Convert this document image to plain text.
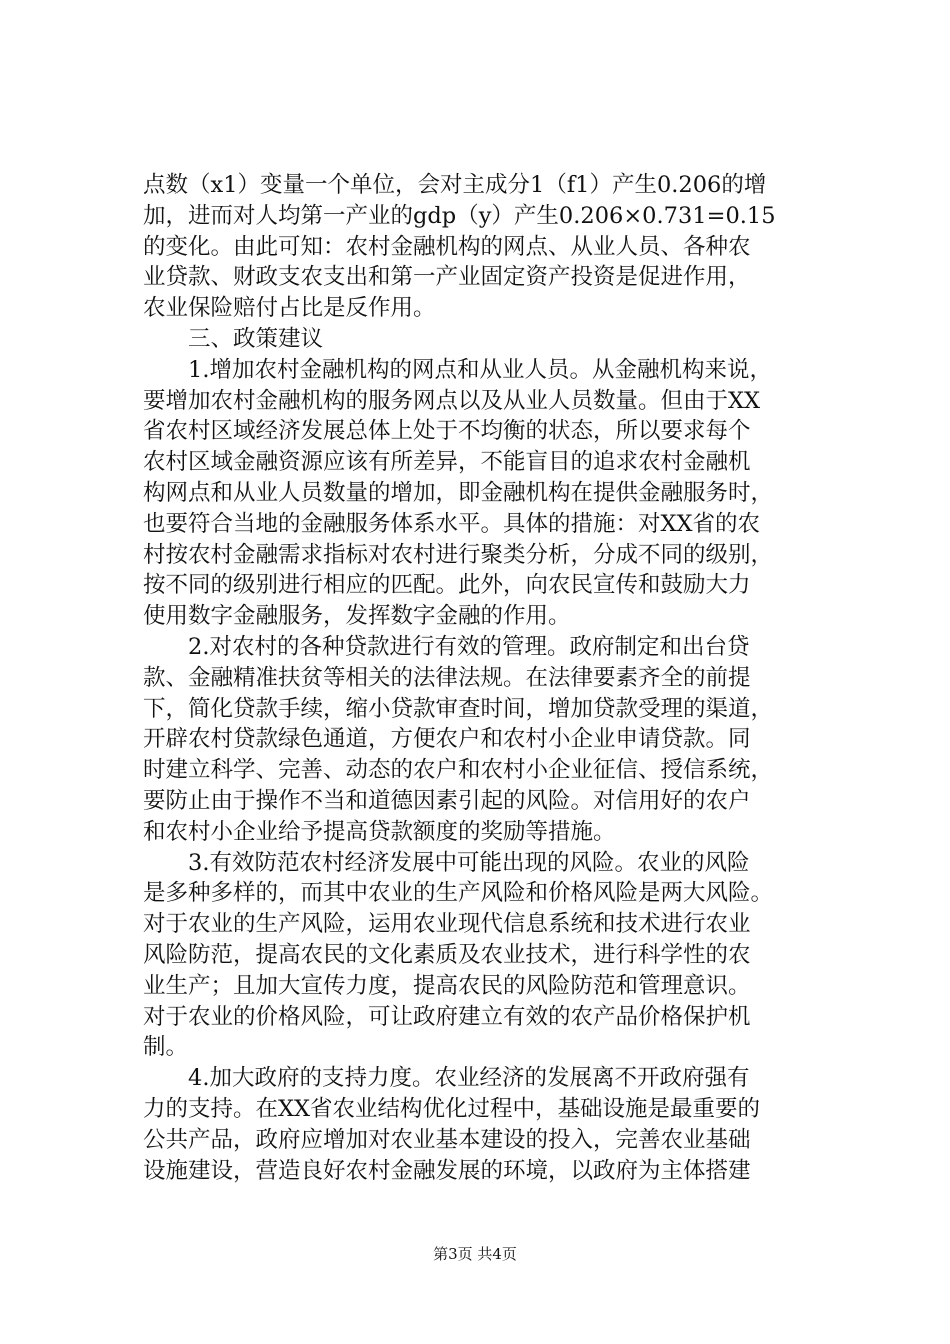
点数（x1）变量一个单位，会对主成分1（f1）产生0.206的增
加，进而对人均第一产业的gdp（y）产生0.206×0.731=0.15
的变化。由此可知：农村金融机构的网点、从业人员、各种农
业贷款、财政支农支出和第一产业固定资产投资是促进作用，
农业保险赔付占比是反作用。
　　三、政策建议
　　1.增加农村金融机构的网点和从业人员。从金融机构来说，
要增加农村金融机构的服务网点以及从业人员数量。但由于XX
省农村区域经济发展总体上处于不均衡的状态，所以要求每个
农村区域金融资源应该有所差异，不能盲目的追求农村金融机
构网点和从业人员数量的增加，即金融机构在提供金融服务时，
也要符合当地的金融服务体系水平。具体的措施：对XX省的农
村按农村金融需求指标对农村进行聚类分析，分成不同的级别，
按不同的级别进行相应的匹配。此外，向农民宣传和鼓励大力
使用数字金融服务，发挥数字金融的作用。
　　2.对农村的各种贷款进行有效的管理。政府制定和出台贷
款、金融精准扶贫等相关的法律法规。在法律要素齐全的前提
下，简化贷款手续，缩小贷款审查时间，增加贷款受理的渠道，
开辟农村贷款绿色通道，方便农户和农村小企业申请贷款。同
时建立科学、完善、动态的农户和农村小企业征信、授信系统，
要防止由于操作不当和道德因素引起的风险。对信用好的农户
和农村小企业给予提高贷款额度的奖励等措施。
　　3.有效防范农村经济发展中可能出现的风险。农业的风险
是多种多样的，而其中农业的生产风险和价格风险是两大风险。
对于农业的生产风险，运用农业现代信息系统和技术进行农业
风险防范，提高农民的文化素质及农业技术，进行科学性的农
业生产；且加大宣传力度，提高农民的风险防范和管理意识。
对于农业的价格风险，可让政府建立有效的农产品价格保护机
制。
　　4.加大政府的支持力度。农业经济的发展离不开政府强有
力的支持。在XX省农业结构优化过程中，基础设施是最重要的
公共产品，政府应增加对农业基本建设的投入，完善农业基础
设施建设，营造良好农村金融发展的环境，以政府为主体搭建
第3页 共4页
